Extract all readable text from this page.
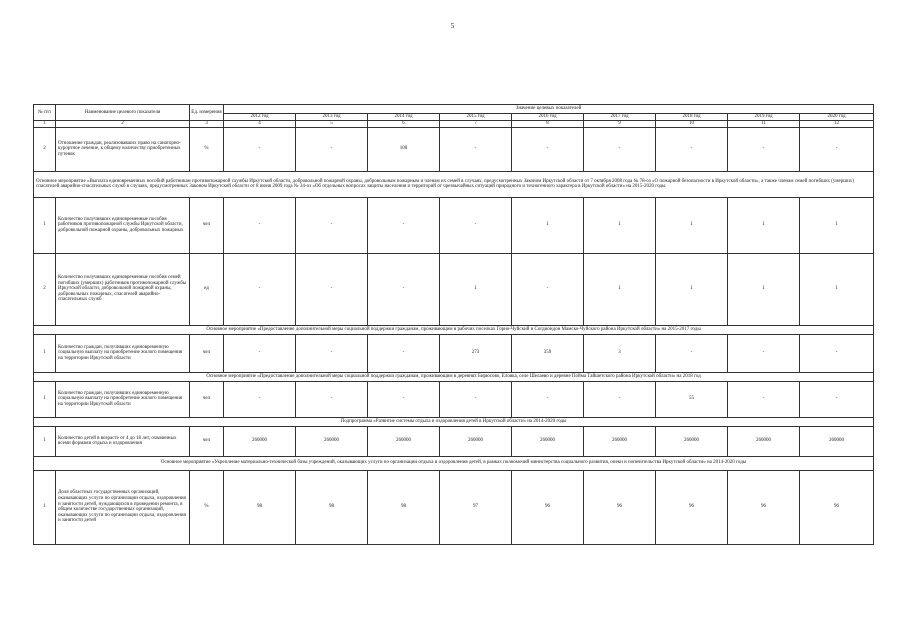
5
№ п/п	Наименование целевого показателя	Ед. измерения	Значение целевых показателей								
			2012 год	2013 год	2014 год	2015 год	2016 год	2017 год	2018 год	2019 год	2020 год
1	2	3	4	5	6	7	8	9	10	11	12
2	Отношение граждан, реализовавших право на санаторно-курортное лечение, к общему количеству приобретенных путевок	%	-	-	100	-	-	-	-	-	-
Основное мероприятие «Выплата единовременных пособий работникам противопожарной службы Иркутской области, добровольной пожарной охраны, добровольным пожарным и членам их семей в случаях, предусмотренных Законом Иркутской области от 7 октября 2008 года № 78-оз «О пожарной безопасности в Иркутской области», а также членам семей погибших (умерших) спасателей аварийно-спасательных служб в случаях, предусмотренных Законом Иркутской области от 8 июня 2009 года № 34-оз «Об отдельных вопросах защиты населения и территорий от чрезвычайных ситуаций природного и техногенного характера в Иркутской области» на 2015-2020 годы											
1	Количество получивших единовременные пособия работников противопожарной службы Иркутской области, добровольной пожарной охраны, добровольных пожарных	чел	-	-	-	-	1	1	1	1	1
2	Количество получивших единовременные пособия семей погибших (умерших) работников противопожарной службы Иркутской области, добровольной пожарной охраны, добровольных пожарных, спасателей аварийно-спасательных служб	ед	-	-	-	1	-	1	1	1	1
Основное мероприятие «Предоставление дополнительной меры социальной поддержки гражданам, проживающим в рабочих поселках Горно-Чуйский и Согдиондон Мамско-Чуйского района Иркутской области» на 2015-2017 годы											
1	Количество граждан, получивших единовременную социальную выплату на приобретение жилого помещения на территории Иркутской области	чел	-	-	-	273	359	3	-	-	-
Основное мероприятие «Предоставление дополнительной меры социальной поддержки гражданам, проживающим в деревнях Бирюсово, Еловка, селе Шелаево и деревне Пойма Тайшетского района Иркутской области» на 2018 год											
1	Количество граждан, получивших единовременную социальную выплату на приобретение жилого помещения на территории Иркутской области	чел	-	-	-	-	-	-	55	-	-
Подпрограмма «Развитие системы отдыха и оздоровления детей в Иркутской области» на 2014-2020 годы											
1	Количество детей в возрасте от 4 до 18 лет, охваченных всеми формами отдыха и оздоровления	чел	260000	260000	260000	260000	260000	260000	260000	260000	260000
Основное мероприятие «Укрепление материально-технической базы учреждений, оказывающих услуги по организации отдыха и оздоровления детей, в рамках полномочий министерства социального развития, опеки и попечительства Иркутской области» на 2014-2020 годы											
1	Доля областных государственных организаций, оказывающих услуги по организации отдыха, оздоровления и занятости детей, нуждающихся в проведении ремонта, в общем количестве государственных организаций, оказывающих услуги по организации отдыха, оздоровления и занятости детей	%	98	98	98	97	96	96	96	96	96
